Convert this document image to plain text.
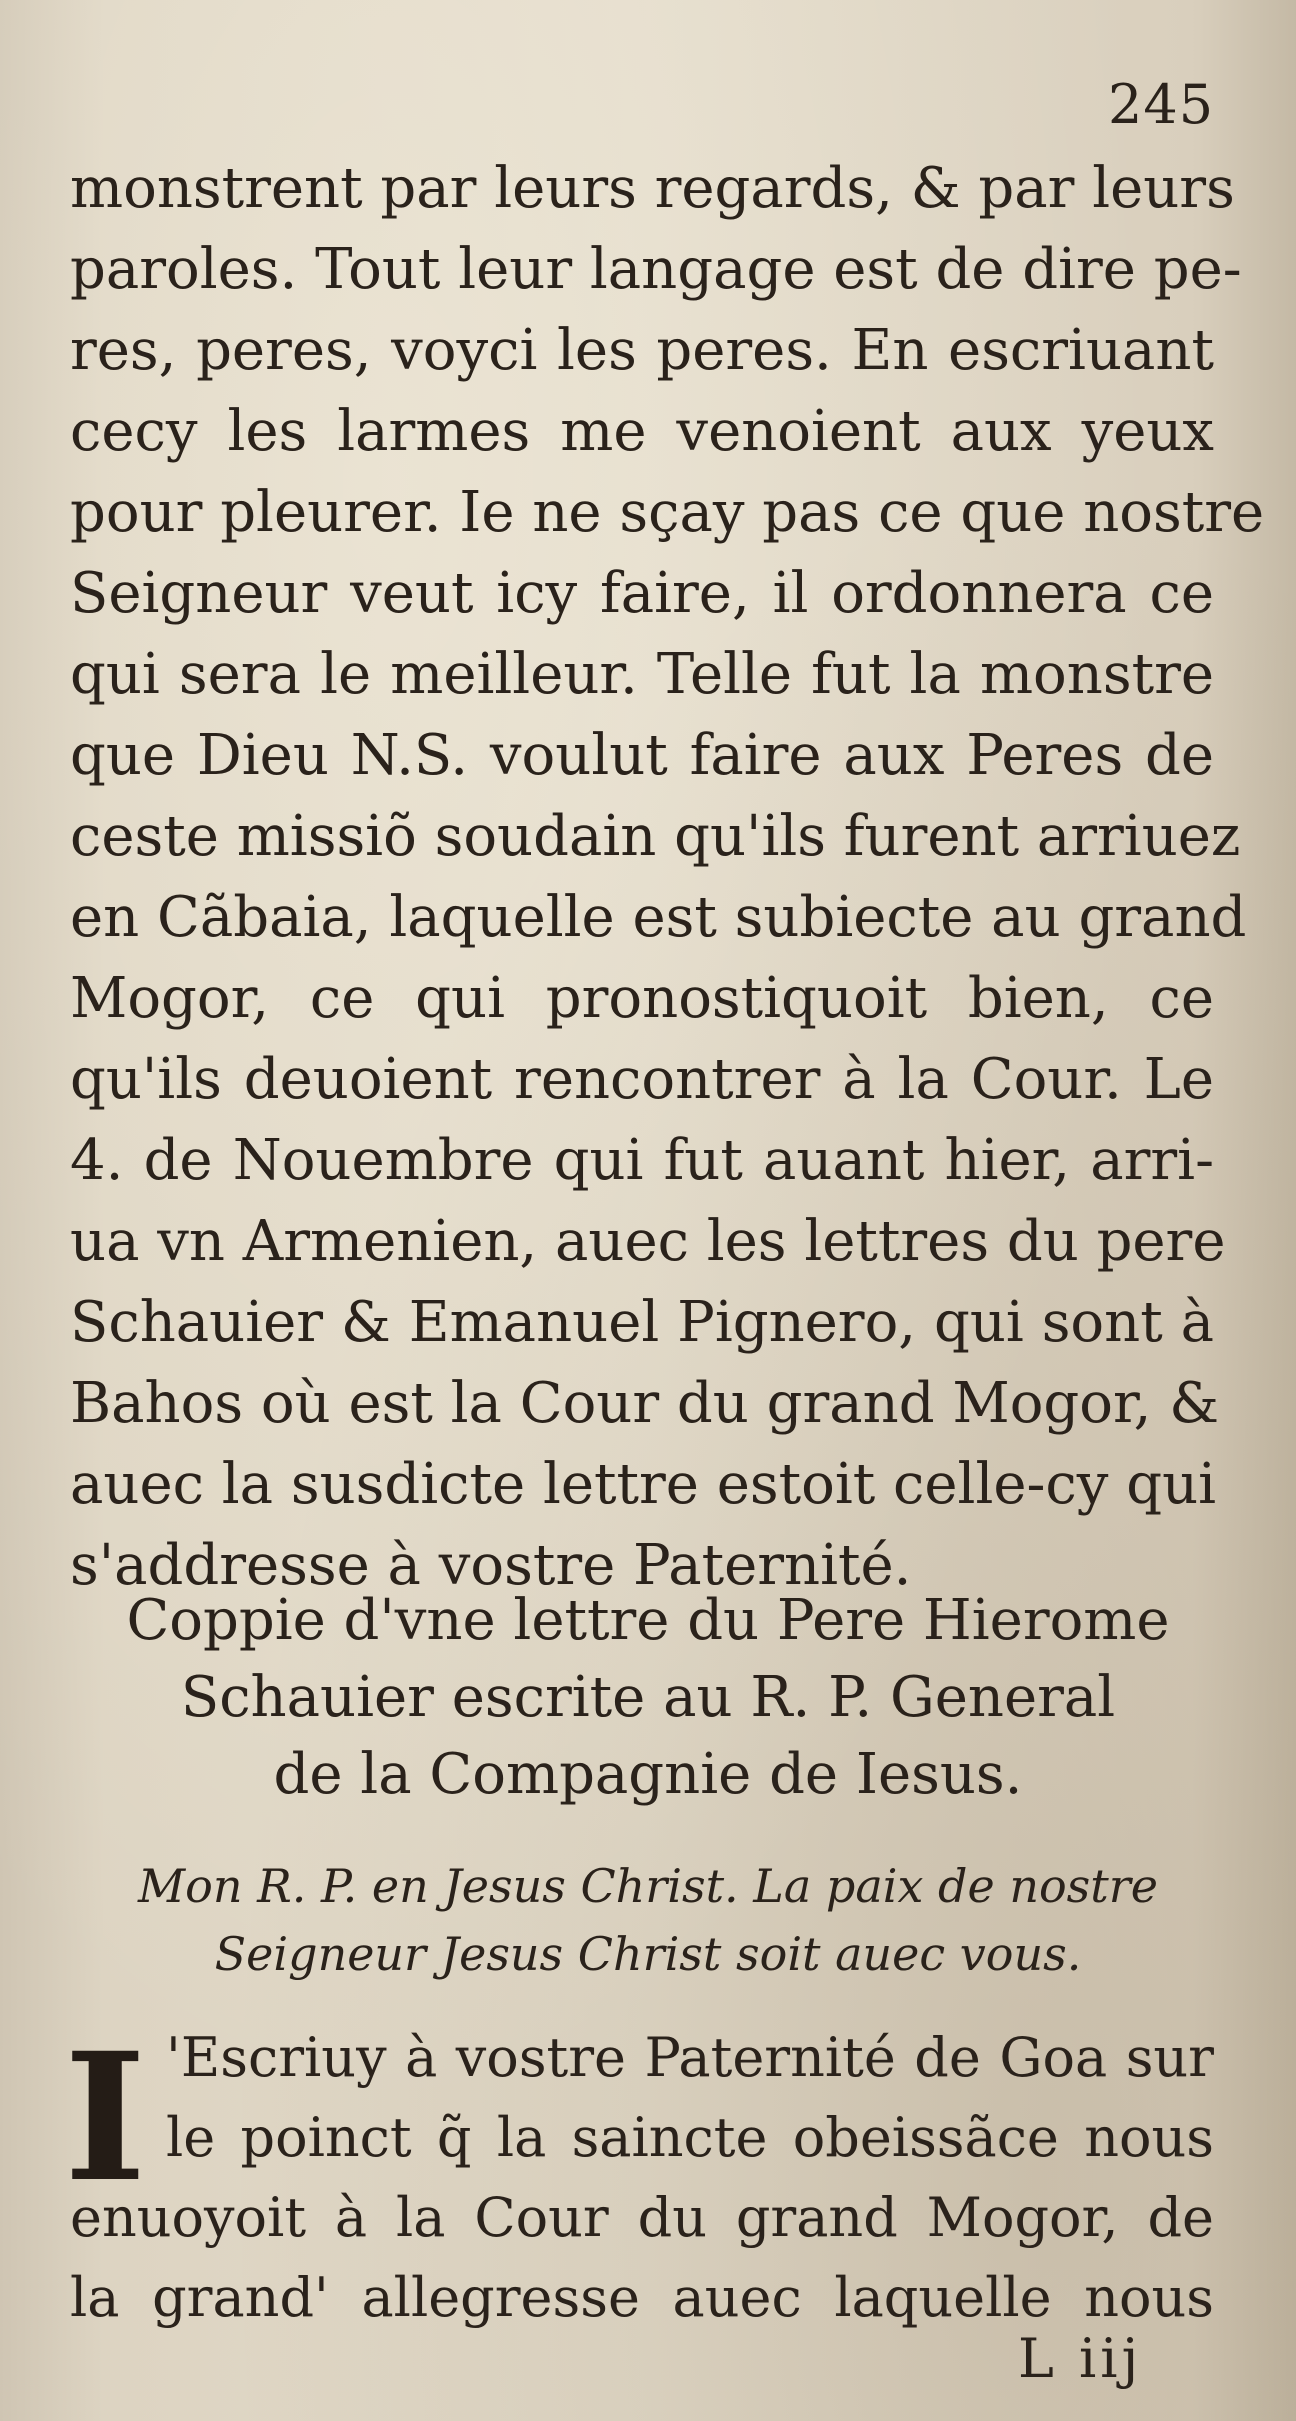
245
monstrent par leurs regards, & par leurs
paroles. Tout leur langage est de dire pe-
res, peres, voyci les peres. En escriuant
cecy les larmes me venoient aux yeux
pour pleurer. Ie ne sçay pas ce que nostre
Seigneur veut icy faire, il ordonnera ce
qui sera le meilleur. Telle fut la monstre
que Dieu N.S. voulut faire aux Peres de
ceste missiõ soudain qu'ils furent arriuez
en Cãbaia, laquelle est subiecte au grand
Mogor, ce qui pronostiquoit bien, ce
qu'ils deuoient rencontrer à la Cour. Le
4. de Nouembre qui fut auant hier, arri-
ua vn Armenien, auec les lettres du pere
Schauier & Emanuel Pignero, qui sont à
Bahos où est la Cour du grand Mogor, &
auec la susdicte lettre estoit celle-cy qui
s'addresse à vostre Paternité.
Coppie d'vne lettre du Pere Hierome
Schauier escrite au R. P. General
de la Compagnie de Iesus.
Mon R. P. en Jesus Christ. La paix de nostre
Seigneur Jesus Christ soit auec vous.
I 'Escriuy à vostre Paternité de Goa sur
le poinct q̃ la saincte obeissãce nous
enuoyoit à la Cour du grand Mogor, de
la grand' allegresse auec laquelle nous
L iij
